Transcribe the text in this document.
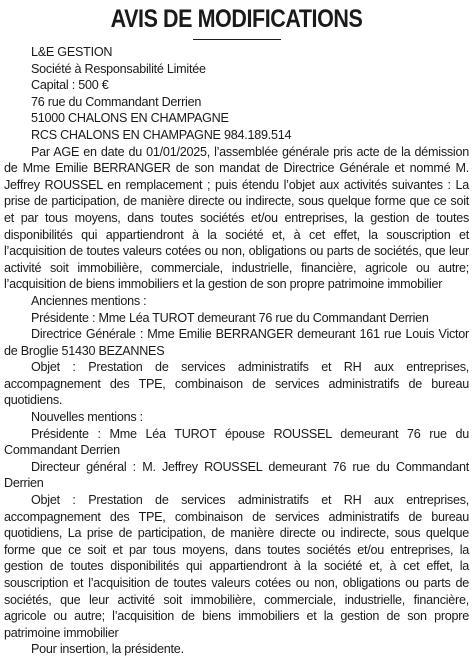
AVIS DE MODIFICATIONS
L&E GESTION
Société à Responsabilité Limitée
Capital : 500 €
76 rue du Commandant Derrien
51000 CHALONS EN CHAMPAGNE
RCS CHALONS EN CHAMPAGNE 984.189.514

Par AGE en date du 01/01/2025, l’assemblée générale pris acte de la démission de Mme Emilie BERRANGER de son mandat de Directrice Générale et nommé M. Jeffrey ROUSSEL en remplacement ; puis étendu l’objet aux activités suivantes : La prise de participation, de manière directe ou indirecte, sous quelque forme que ce soit et par tous moyens, dans toutes sociétés et/ou entreprises, la gestion de toutes disponibilités qui appartiendront à la société et, à cet effet, la souscription et l’acquisition de toutes valeurs cotées ou non, obligations ou parts de sociétés, que leur activité soit immobilière, commerciale, industrielle, financière, agricole ou autre; l’acquisition de biens immobiliers et la gestion de son propre patrimoine immobilier

Anciennes mentions :

Présidente : Mme Léa TUROT demeurant 76 rue du Commandant Derrien

Directrice Générale : Mme Emilie BERRANGER demeurant 161 rue Louis Victor de Broglie 51430 BEZANNES

Objet : Prestation de services administratifs et RH aux entreprises, accompagnement des TPE, combinaison de services administratifs de bureau quotidiens.

Nouvelles mentions :

Présidente : Mme Léa TUROT épouse ROUSSEL demeurant 76 rue du Commandant Derrien

Directeur général : M. Jeffrey ROUSSEL demeurant 76 rue du Commandant Derrien

Objet : Prestation de services administratifs et RH aux entreprises, accompagnement des TPE, combinaison de services administratifs de bureau quotidiens, La prise de participation, de manière directe ou indirecte, sous quelque forme que ce soit et par tous moyens, dans toutes sociétés et/ou entreprises, la gestion de toutes disponibilités qui appartiendront à la société et, à cet effet, la souscription et l’acquisition de toutes valeurs cotées ou non, obligations ou parts de sociétés, que leur activité soit immobilière, commerciale, industrielle, financière, agricole ou autre; l’acquisition de biens immobiliers et la gestion de son propre patrimoine immobilier

Pour insertion, la présidente.
